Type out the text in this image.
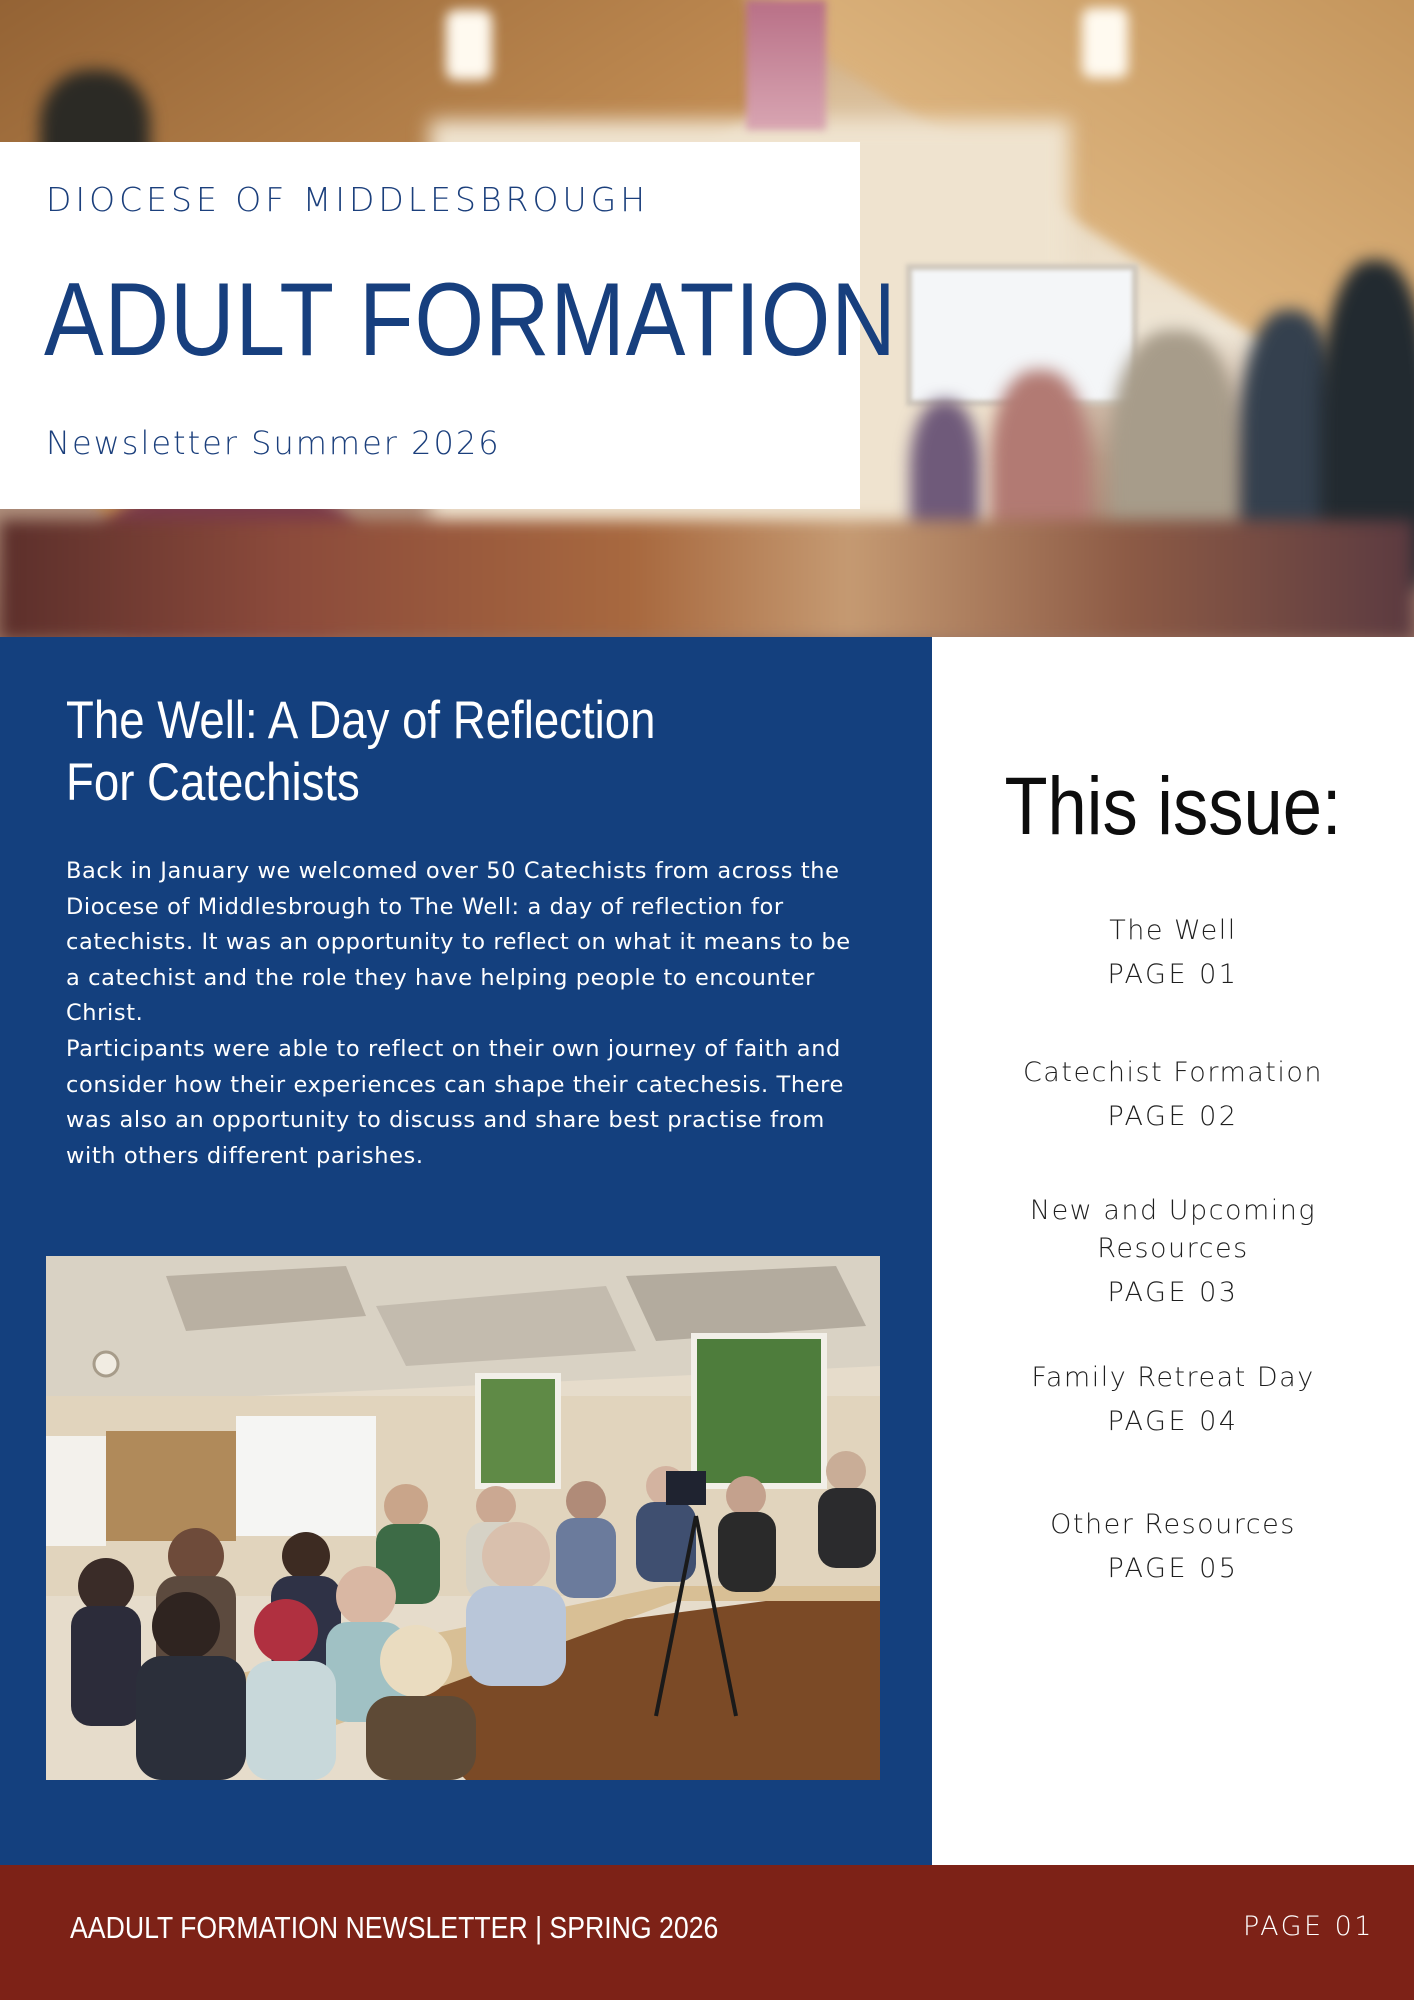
DIOCESE OF MIDDLESBROUGH
ADULT FORMATION
Newsletter Summer 2026
The Well: A Day of Reflection For Catechists

Back in January we welcomed over 50 Catechists from across the Diocese of Middlesbrough to The Well: a day of reflection for catechists. It was an opportunity to reflect on what it means to be a catechist and the role they have helping people to encounter Christ.

Participants were able to reflect on their own journey of faith and consider how their experiences can shape their catechesis. There was also an opportunity to discuss and share best practise from with others different parishes.

This issue:
The Well
PAGE 01
Catechist Formation
PAGE 02
New and Upcoming Resources
PAGE 03
Family Retreat Day
PAGE 04
Other Resources
PAGE 05
AADULT FORMATION NEWSLETTER | SPRING 2026	PAGE 01
